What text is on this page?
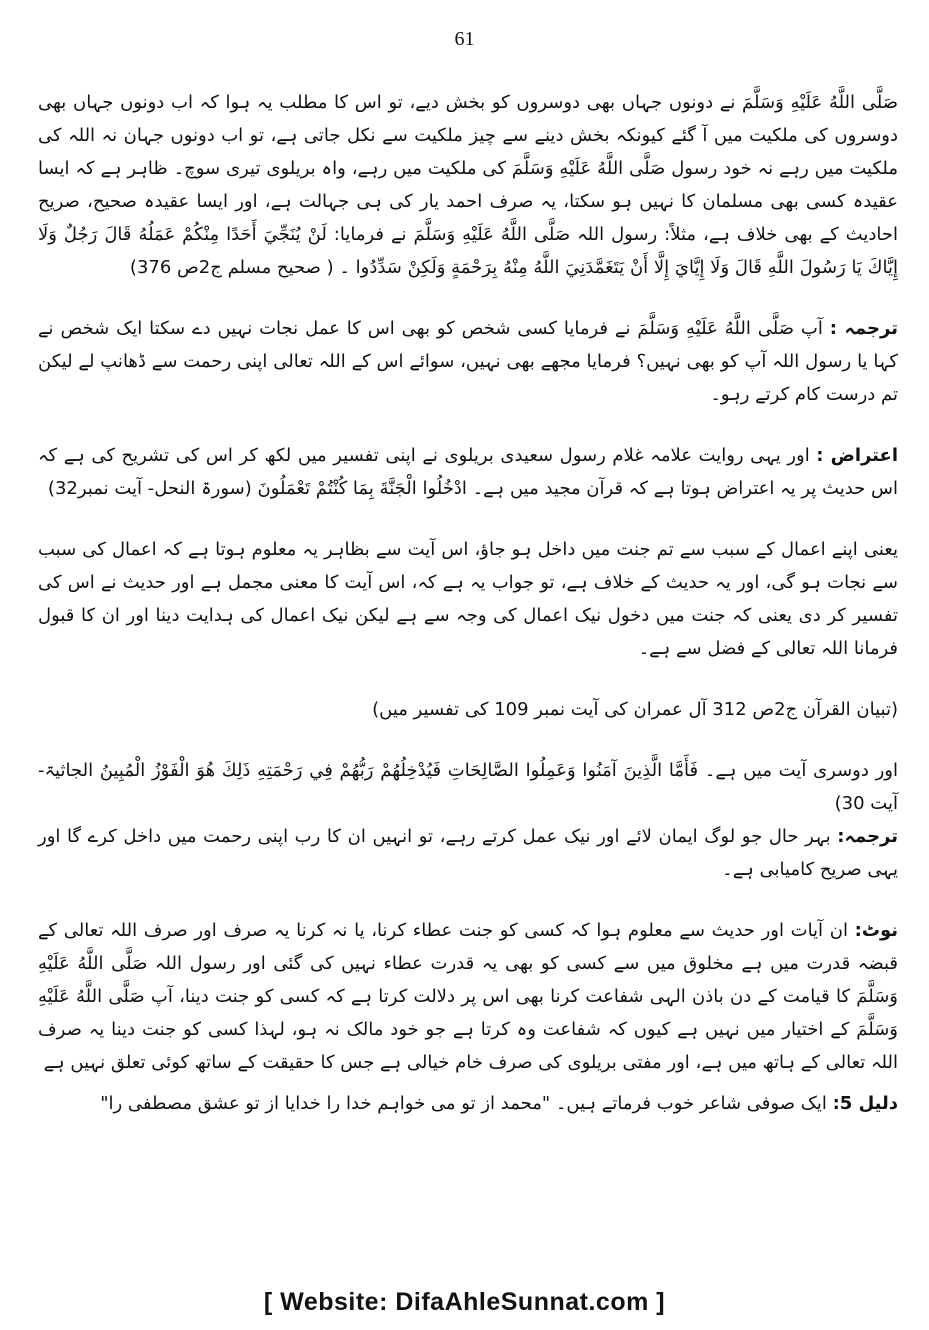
61

صَلَّى اللَّهُ عَلَيْهِ وَسَلَّمَ نے دونوں جہاں بھی دوسروں کو بخش دیے، تو اس کا مطلب یہ ہوا کہ اب دونوں جہاں بھی دوسروں کی ملکیت میں آ گئے کیونکہ بخش دینے سے چیز ملکیت سے نکل جاتی ہے، تو اب دونوں جہان نہ اللہ کی ملکیت میں رہے نہ خود رسول صَلَّى اللَّهُ عَلَيْهِ وَسَلَّمَ کی ملکیت میں رہے، واہ بریلوی تیری سوچ۔ ظاہر ہے کہ ایسا عقیدہ کسی بھی مسلمان کا نہیں ہو سکتا، یہ صرف احمد یار کی ہی جہالت ہے، اور ایسا عقیدہ صحیح، صریح احادیث کے بھی خلاف ہے، مثلاً: رسول اللہ صَلَّى اللَّهُ عَلَيْهِ وَسَلَّمَ نے فرمایا: لَنْ يُنَجِّيَ أَحَدًا مِنْكُمْ عَمَلُهُ قَالَ رَجُلٌ وَلَا إِيَّاكَ يَا رَسُولَ اللَّهِ قَالَ وَلَا إِيَّايَ إِلَّا أَنْ يَتَغَمَّدَنِيَ اللَّهُ مِنْهُ بِرَحْمَةٍ وَلَكِنْ سَدِّدُوا ۔ ( صحیح مسلم ج2ص 376)

ترجمہ : آپ صَلَّى اللَّهُ عَلَيْهِ وَسَلَّمَ نے فرمایا کسی شخص کو بھی اس کا عمل نجات نہیں دے سکتا ایک شخص نے کہا یا رسول اللہ آپ کو بھی نہیں؟ فرمایا مجھے بھی نہیں، سوائے اس کے اللہ تعالی اپنی رحمت سے ڈھانپ لے لیکن تم درست کام کرتے رہو۔

اعتراض : اور یہی روایت علامہ غلام رسول سعیدی بریلوی نے اپنی تفسیر میں لکھ کر اس کی تشریح کی ہے کہ اس حدیث پر یہ اعتراض ہوتا ہے کہ قرآن مجید میں ہے۔ ادْخُلُوا الْجَنَّةَ بِمَا كُنْتُمْ تَعْمَلُونَ (سورۃ النحل- آیت نمبر32)

یعنی اپنے اعمال کے سبب سے تم جنت میں داخل ہو جاؤ، اس آیت سے بظاہر یہ معلوم ہوتا ہے کہ اعمال کی سبب سے نجات ہو گی، اور یہ حدیث کے خلاف ہے، تو جواب یہ ہے کہ، اس آیت کا معنی مجمل ہے اور حدیث نے اس کی تفسیر کر دی یعنی کہ جنت میں دخول نیک اعمال کی وجہ سے ہے لیکن نیک اعمال کی ہدایت دینا اور ان کا قبول فرمانا اللہ تعالی کے فضل سے ہے۔

(تبیان القرآن ج2ص 312 آل عمران کی آیت نمبر 109 کی تفسیر میں)

اور دوسری آیت میں ہے۔ فَأَمَّا الَّذِينَ آمَنُوا وَعَمِلُوا الصَّالِحَاتِ فَيُدْخِلُهُمْ رَبُّهُمْ فِي رَحْمَتِهِ ذَلِكَ هُوَ الْفَوْزُ الْمُبِينُ الجاثیۃ- آیت 30)

ترجمہ: بہر حال جو لوگ ایمان لائے اور نیک عمل کرتے رہے، تو انہیں ان کا رب اپنی رحمت میں داخل کرے گا اور یہی صریح کامیابی ہے۔

نوٹ: ان آیات اور حدیث سے معلوم ہوا کہ کسی کو جنت عطاء کرنا، یا نہ کرنا یہ صرف اور صرف اللہ تعالی کے قبضہ قدرت میں ہے مخلوق میں سے کسی کو بھی یہ قدرت عطاء نہیں کی گئی اور رسول اللہ صَلَّى اللَّهُ عَلَيْهِ وَسَلَّمَ کا قیامت کے دن باذن الہی شفاعت کرنا بھی اس پر دلالت کرتا ہے کہ کسی کو جنت دینا، آپ صَلَّى اللَّهُ عَلَيْهِ وَسَلَّمَ کے اختیار میں نہیں ہے کیوں کہ شفاعت وہ کرتا ہے جو خود مالک نہ ہو، لہذا کسی کو جنت دینا یہ صرف اللہ تعالی کے ہاتھ میں ہے، اور مفتی بریلوی کی صرف خام خیالی ہے جس کا حقیقت کے ساتھ کوئی تعلق نہیں ہے

دلیل 5: ایک صوفی شاعر خوب فرماتے ہیں۔ "محمد از تو می خواہم خدا را خدایا از تو عشق مصطفی را"

[ Website: DifaAhleSunnat.com ]
